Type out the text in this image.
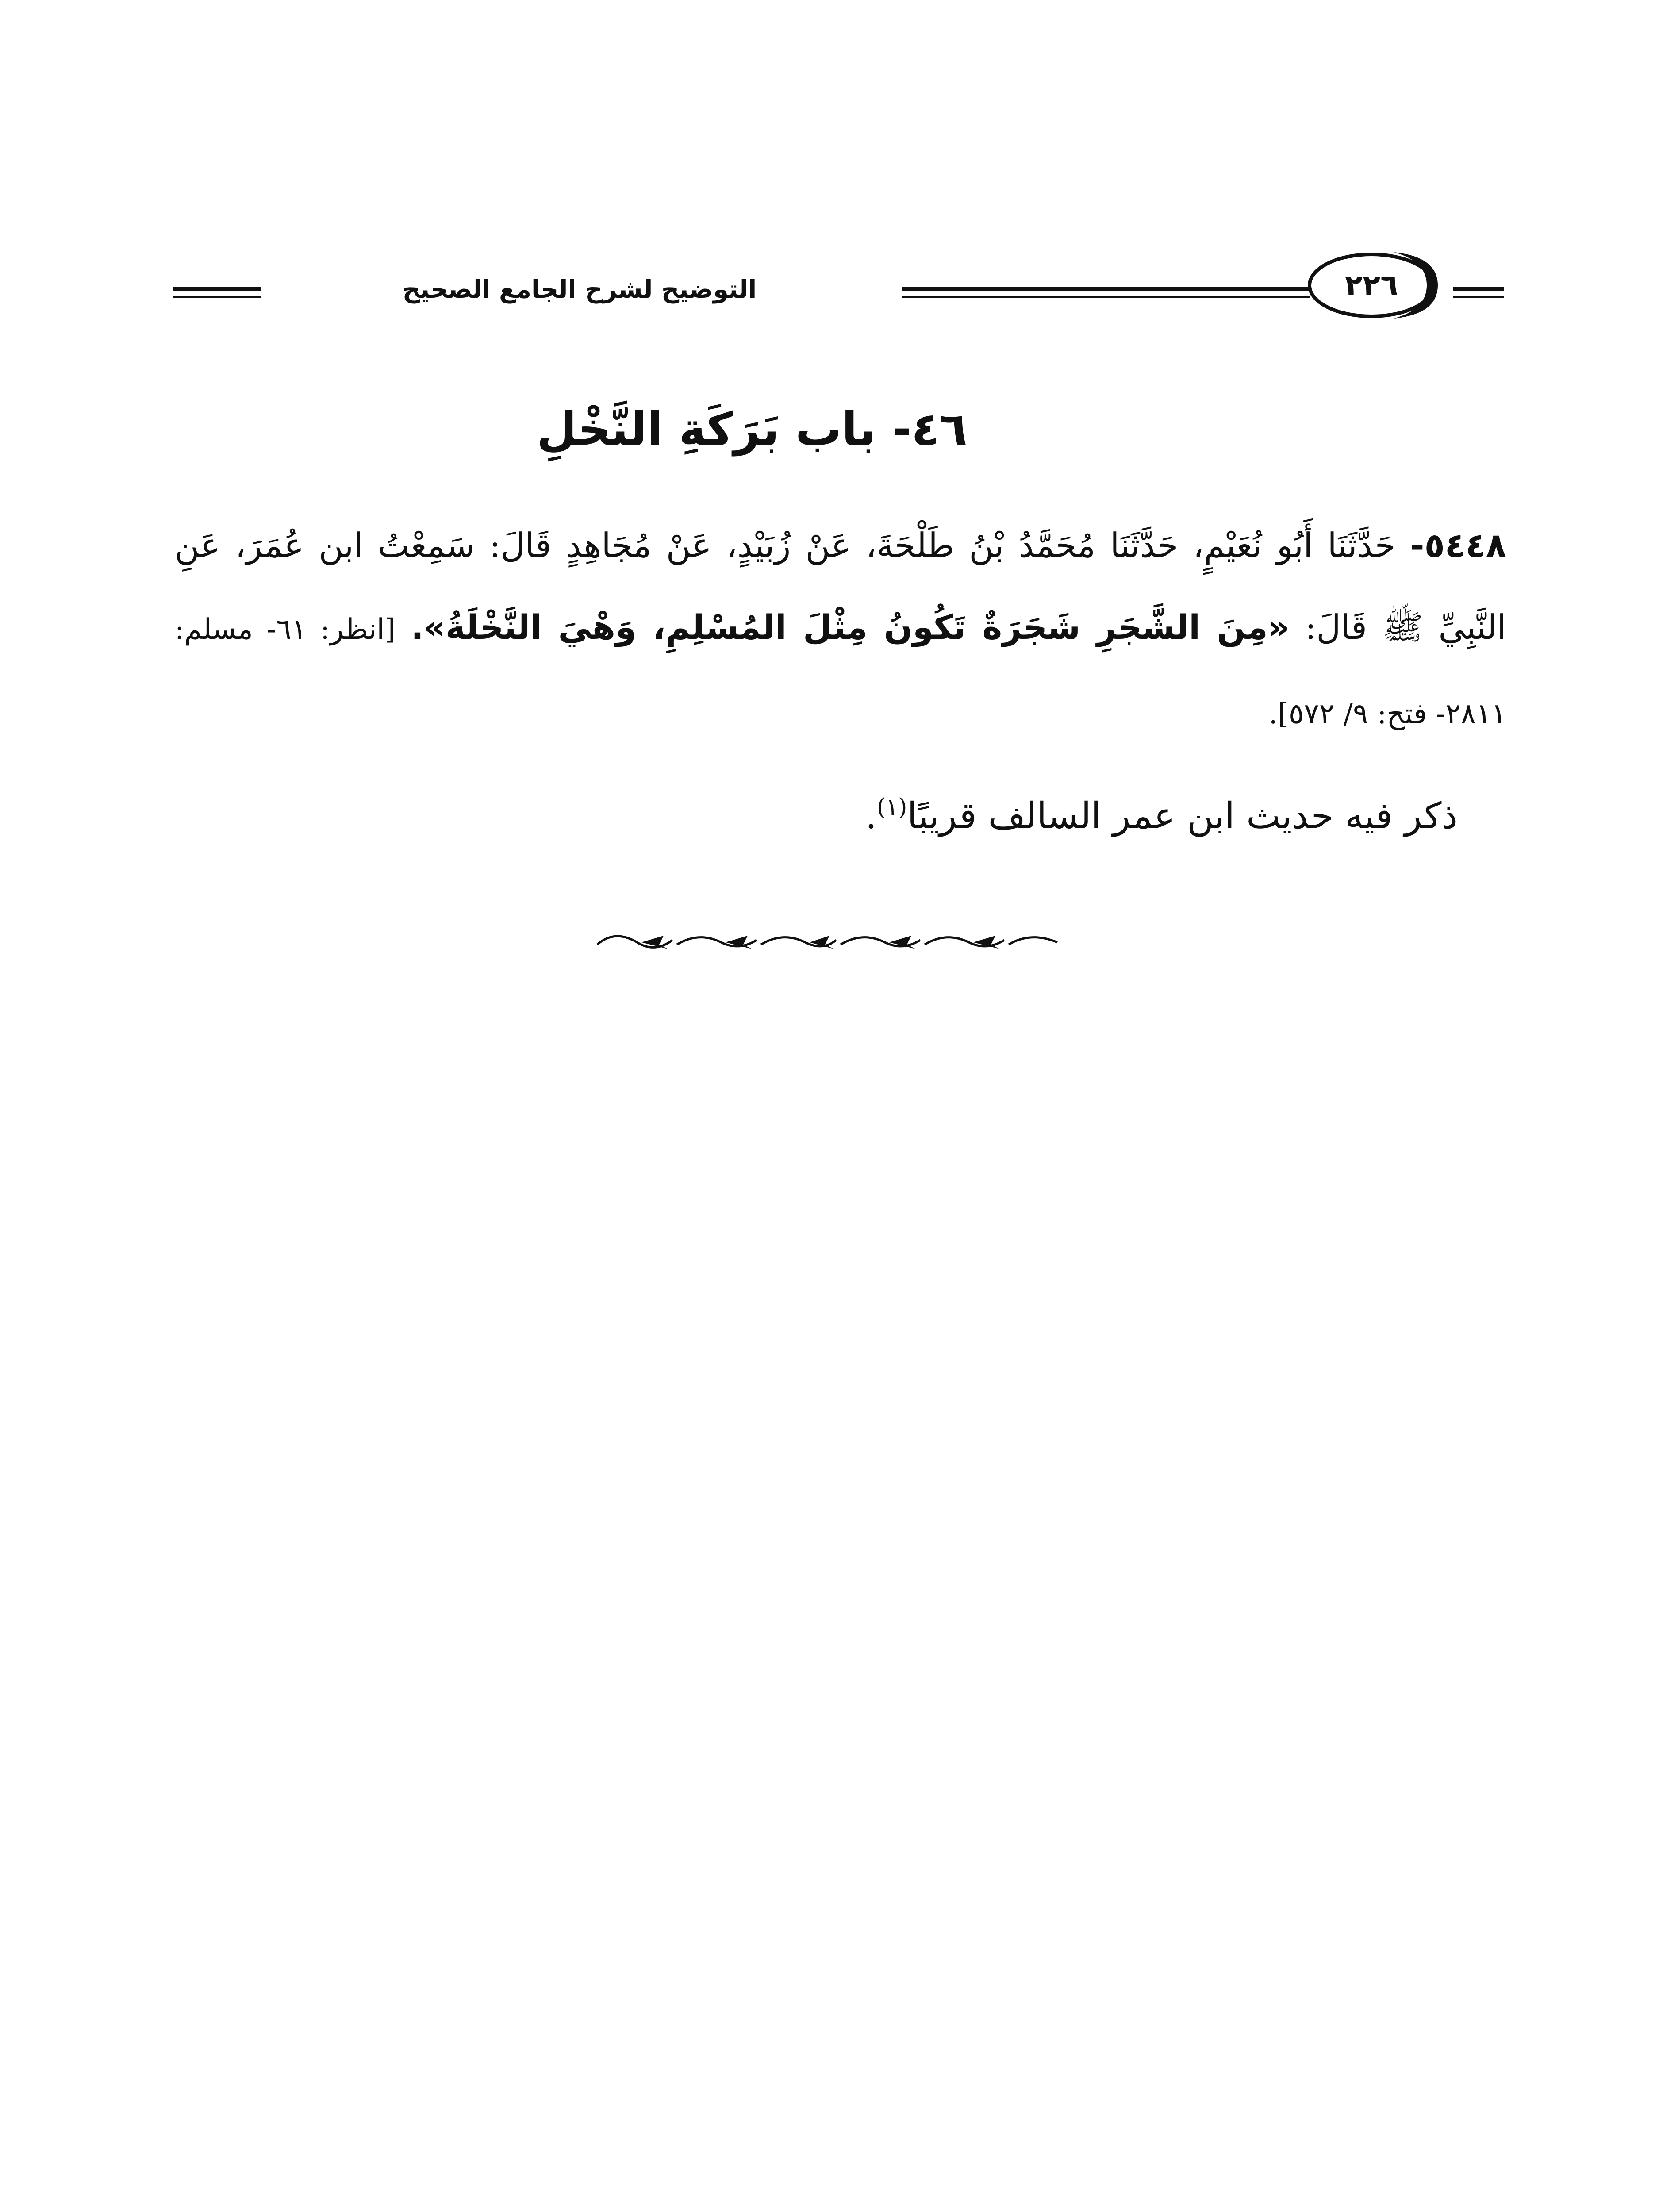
التوضيح لشرح الجامع الصحيح	٢٢٦
٤٦- باب بَرَكَةِ النَّخْلِ
٥٤٤٨- حَدَّثَنَا أَبُو نُعَيْمٍ، حَدَّثَنَا مُحَمَّدُ بْنُ طَلْحَةَ، عَنْ زُبَيْدٍ، عَنْ مُجَاهِدٍ قَالَ: سَمِعْتُ ابن عُمَرَ، عَنِ النَّبِيِّ ﷺ قَالَ: «مِنَ الشَّجَرِ شَجَرَةٌ تَكُونُ مِثْلَ المُسْلِمِ، وَهْيَ النَّخْلَةُ». [انظر: ٦١- مسلم: ٢٨١١- فتح: ٩/ ٥٧٢].
ذكر فيه حديث ابن عمر السالف قريبًا$^{(١)}$.
